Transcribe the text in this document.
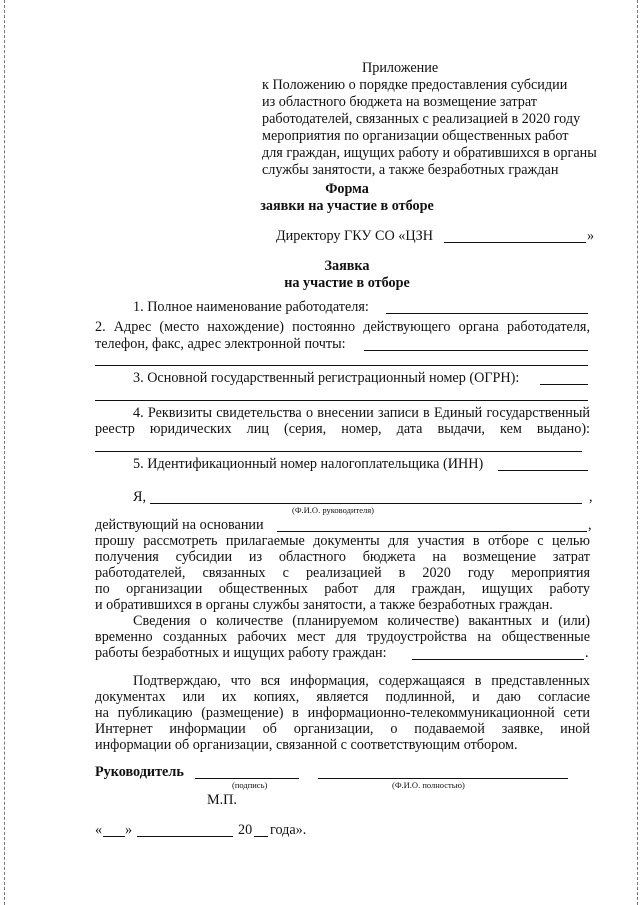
Приложение
к Положению о порядке предоставления субсидии
из областного бюджета на возмещение затрат
работодателей, связанных с реализацией в 2020 году
мероприятия по организации общественных работ
для граждан, ищущих работу и обратившихся в органы
службы занятости, а также безработных граждан
Форма
заявки на участие в отборе
Директору ГКУ СО «ЦЗН	»
Заявка
на участие в отборе
1. Полное наименование работодателя:
2. Адрес (место нахождение) постоянно действующего органа работодателя,
телефон, факс, адрес электронной почты:
3. Основной государственный регистрационный номер (ОГРН):
4. Реквизиты свидетельства о внесении записи в Единый государственный
реестр юридических лиц (серия, номер, дата выдачи, кем выдано):
5. Идентификационный номер налогоплательщика (ИНН)
Я,	,
(Ф.И.О. руководителя)
действующий на основании	,
прошу рассмотреть прилагаемые документы для участия в отборе с целью
получения субсидии из областного бюджета на возмещение затрат
работодателей, связанных с реализацией в 2020 году мероприятия
по организации общественных работ для граждан, ищущих работу
и обратившихся в органы службы занятости, а также безработных граждан.
Сведения о количестве (планируемом количестве) вакантных и (или)
временно созданных рабочих мест для трудоустройства на общественные
работы безработных и ищущих работу граждан:	.
Подтверждаю, что вся информация, содержащаяся в представленных
документах или их копиях, является подлинной, и даю согласие
на публикацию (размещение) в информационно-телекоммуникационной сети
Интернет информации об организации, о подаваемой заявке, иной
информации об организации, связанной с соответствующим отбором.
Руководитель
(подпись)	(Ф.И.О. полностью)
М.П.
« »	20 года».
